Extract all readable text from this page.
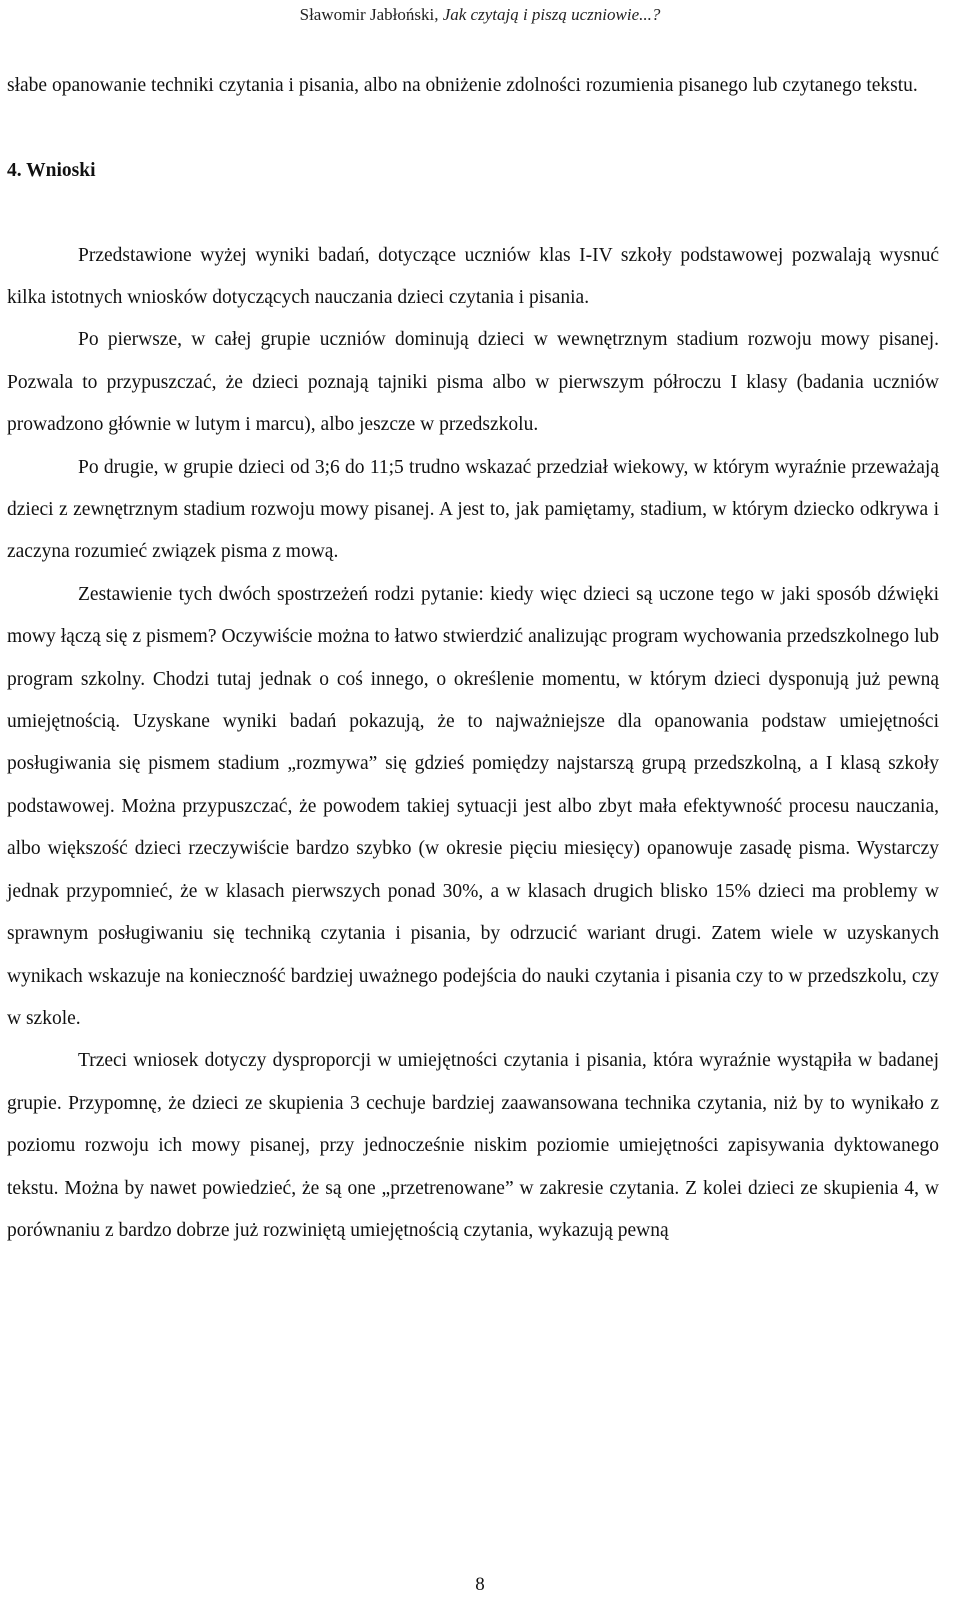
Sławomir Jabłoński, Jak czytają i piszą uczniowie...?

słabe opanowanie techniki czytania i pisania, albo na obniżenie zdolności rozumienia pisanego lub czytanego tekstu.

4. Wnioski

Przedstawione wyżej wyniki badań, dotyczące uczniów klas I-IV szkoły podstawowej pozwalają wysnuć kilka istotnych wniosków dotyczących nauczania dzieci czytania i pisania.

Po pierwsze, w całej grupie uczniów dominują dzieci w wewnętrznym stadium rozwoju mowy pisanej. Pozwala to przypuszczać, że dzieci poznają tajniki pisma albo w pierwszym półroczu I klasy (badania uczniów prowadzono głównie w lutym i marcu), albo jeszcze w przedszkolu.

Po drugie, w grupie dzieci od 3;6 do 11;5 trudno wskazać przedział wiekowy, w którym wyraźnie przeważają dzieci z zewnętrznym stadium rozwoju mowy pisanej. A jest to, jak pamiętamy, stadium, w którym dziecko odkrywa i zaczyna rozumieć związek pisma z mową.

Zestawienie tych dwóch spostrzeżeń rodzi pytanie: kiedy więc dzieci są uczone tego w jaki sposób dźwięki mowy łączą się z pismem? Oczywiście można to łatwo stwierdzić analizując program wychowania przedszkolnego lub program szkolny. Chodzi tutaj jednak o coś innego, o określenie momentu, w którym dzieci dysponują już pewną umiejętnością. Uzyskane wyniki badań pokazują, że to najważniejsze dla opanowania podstaw umiejętności posługiwania się pismem stadium „rozmywa” się gdzieś pomiędzy najstarszą grupą przedszkolną, a I klasą szkoły podstawowej. Można przypuszczać, że powodem takiej sytuacji jest albo zbyt mała efektywność procesu nauczania, albo większość dzieci rzeczywiście bardzo szybko (w okresie pięciu miesięcy) opanowuje zasadę pisma. Wystarczy jednak przypomnieć, że w klasach pierwszych ponad 30%, a w klasach drugich blisko 15% dzieci ma problemy w sprawnym posługiwaniu się techniką czytania i pisania, by odrzucić wariant drugi. Zatem wiele w uzyskanych wynikach wskazuje na konieczność bardziej uważnego podejścia do nauki czytania i pisania czy to w przedszkolu, czy w szkole.

Trzeci wniosek dotyczy dysproporcji w umiejętności czytania i pisania, która wyraźnie wystąpiła w badanej grupie. Przypomnę, że dzieci ze skupienia 3 cechuje bardziej zaawansowana technika czytania, niż by to wynikało z poziomu rozwoju ich mowy pisanej, przy jednocześnie niskim poziomie umiejętności zapisywania dyktowanego tekstu. Można by nawet powiedzieć, że są one „przetrenowane” w zakresie czytania. Z kolei dzieci ze skupienia 4, w porównaniu z bardzo dobrze już rozwiniętą umiejętnością czytania, wykazują pewną

8
